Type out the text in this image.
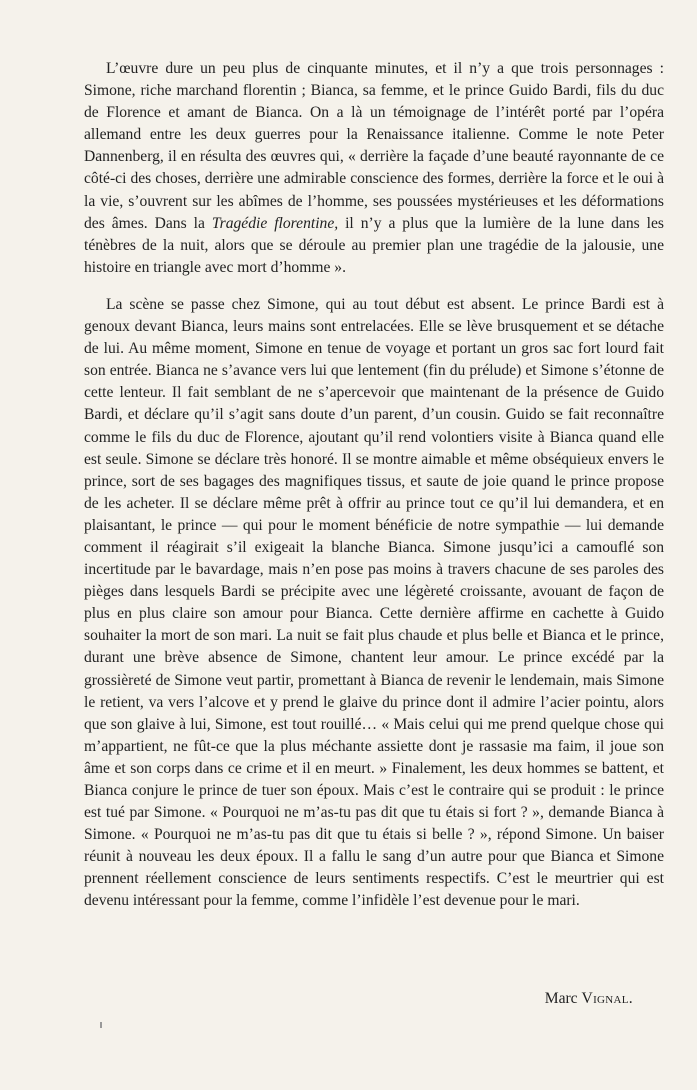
L’œuvre dure un peu plus de cinquante minutes, et il n’y a que trois personnages : Simone, riche marchand florentin ; Bianca, sa femme, et le prince Guido Bardi, fils du duc de Florence et amant de Bianca. On a là un témoignage de l’intérêt porté par l’opéra allemand entre les deux guerres pour la Renaissance italienne. Comme le note Peter Dannenberg, il en résulta des œuvres qui, « derrière la façade d’une beauté rayonnante de ce côté-ci des choses, derrière une admirable conscience des formes, derrière la force et le oui à la vie, s’ouvrent sur les abîmes de l’homme, ses poussées mystérieuses et les déformations des âmes. Dans la Tragédie florentine, il n’y a plus que la lumière de la lune dans les ténèbres de la nuit, alors que se déroule au premier plan une tragédie de la jalousie, une histoire en triangle avec mort d’homme ».

La scène se passe chez Simone, qui au tout début est absent. Le prince Bardi est à genoux devant Bianca, leurs mains sont entrelacées. Elle se lève brusquement et se détache de lui. Au même moment, Simone en tenue de voyage et portant un gros sac fort lourd fait son entrée. Bianca ne s’avance vers lui que lentement (fin du prélude) et Simone s’étonne de cette lenteur. Il fait semblant de ne s’apercevoir que maintenant de la présence de Guido Bardi, et déclare qu’il s’agit sans doute d’un parent, d’un cousin. Guido se fait reconnaître comme le fils du duc de Florence, ajoutant qu’il rend volontiers visite à Bianca quand elle est seule. Simone se déclare très honoré. Il se montre aimable et même obséquieux envers le prince, sort de ses bagages des magnifiques tissus, et saute de joie quand le prince propose de les acheter. Il se déclare même prêt à offrir au prince tout ce qu’il lui demandera, et en plaisantant, le prince — qui pour le moment bénéficie de notre sympathie — lui demande comment il réagirait s’il exigeait la blanche Bianca. Simone jusqu’ici a camouflé son incertitude par le bavardage, mais n’en pose pas moins à travers chacune de ses paroles des pièges dans lesquels Bardi se précipite avec une légèreté croissante, avouant de façon de plus en plus claire son amour pour Bianca. Cette dernière affirme en cachette à Guido souhaiter la mort de son mari. La nuit se fait plus chaude et plus belle et Bianca et le prince, durant une brève absence de Simone, chantent leur amour. Le prince excédé par la grossièreté de Simone veut partir, promettant à Bianca de revenir le lendemain, mais Simone le retient, va vers l’alcove et y prend le glaive du prince dont il admire l’acier pointu, alors que son glaive à lui, Simone, est tout rouillé… « Mais celui qui me prend quelque chose qui m’appartient, ne fût-ce que la plus méchante assiette dont je rassasie ma faim, il joue son âme et son corps dans ce crime et il en meurt. » Finalement, les deux hommes se battent, et Bianca conjure le prince de tuer son époux. Mais c’est le contraire qui se produit : le prince est tué par Simone. « Pourquoi ne m’as-tu pas dit que tu étais si fort ? », demande Bianca à Simone. « Pourquoi ne m’as-tu pas dit que tu étais si belle ? », répond Simone. Un baiser réunit à nouveau les deux époux. Il a fallu le sang d’un autre pour que Bianca et Simone prennent réellement conscience de leurs sentiments respectifs. C’est le meurtrier qui est devenu intéressant pour la femme, comme l’infidèle l’est devenue pour le mari.

Marc Vignal.
